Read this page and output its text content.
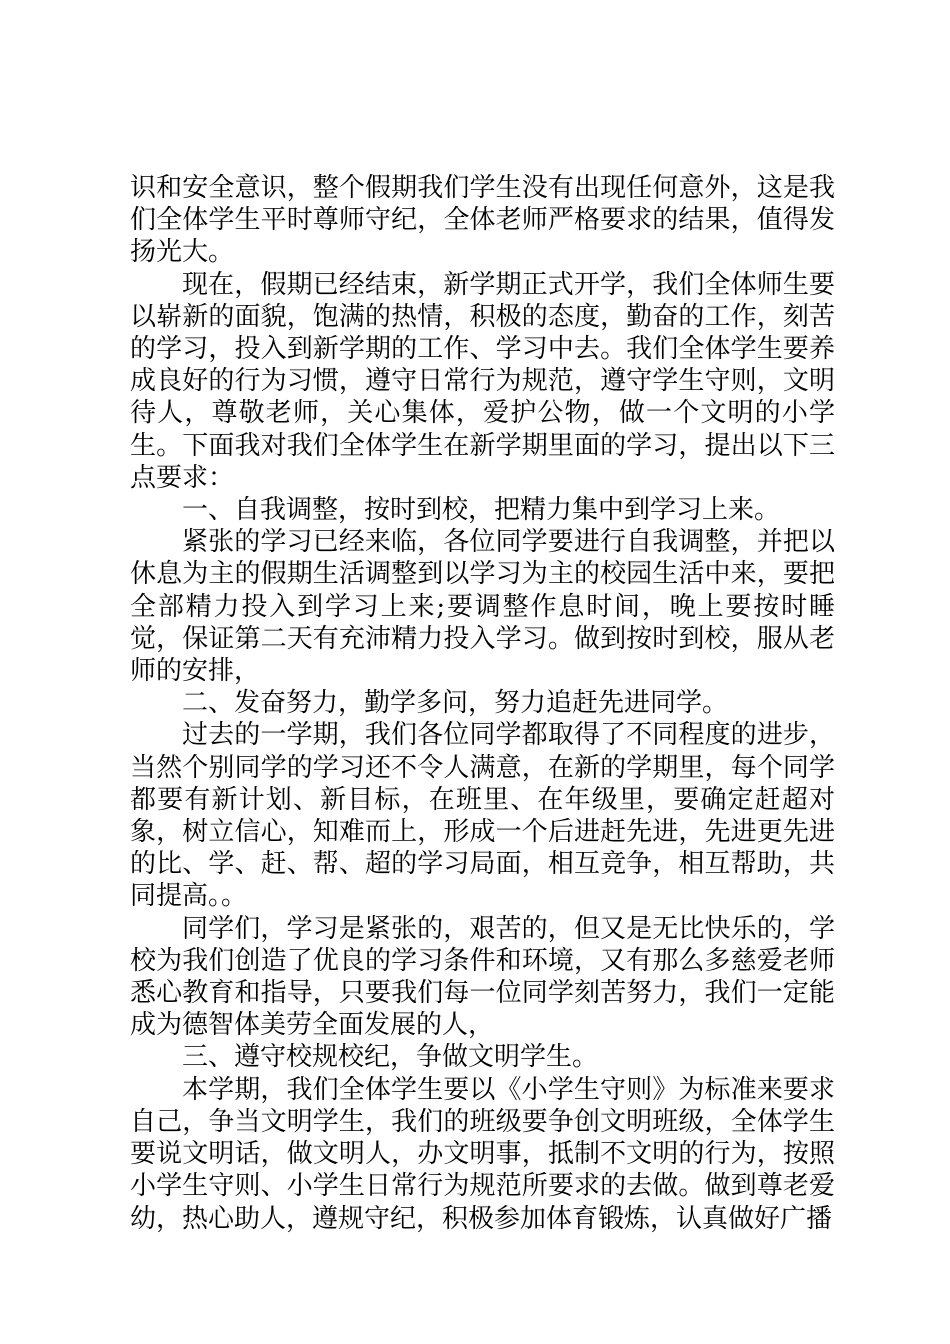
识和安全意识，整个假期我们学生没有出现任何意外，这是我们全体学生平时尊师守纪，全体老师严格要求的结果，值得发扬光大。

现在，假期已经结束，新学期正式开学，我们全体师生要以崭新的面貌，饱满的热情，积极的态度，勤奋的工作，刻苦的学习，投入到新学期的工作、学习中去。我们全体学生要养成良好的行为习惯，遵守日常行为规范，遵守学生守则，文明待人，尊敬老师，关心集体，爱护公物，做一个文明的小学生。下面我对我们全体学生在新学期里面的学习，提出以下三点要求：

一、自我调整，按时到校，把精力集中到学习上来。

紧张的学习已经来临，各位同学要进行自我调整，并把以休息为主的假期生活调整到以学习为主的校园生活中来，要把全部精力投入到学习上来;要调整作息时间，晚上要按时睡觉，保证第二天有充沛精力投入学习。做到按时到校，服从老师的安排，

二、发奋努力，勤学多问，努力追赶先进同学。

过去的一学期，我们各位同学都取得了不同程度的进步，当然个别同学的学习还不令人满意，在新的学期里，每个同学都要有新计划、新目标，在班里、在年级里，要确定赶超对象，树立信心，知难而上，形成一个后进赶先进，先进更先进的比、学、赶、帮、超的学习局面，相互竞争，相互帮助，共同提高。。

同学们，学习是紧张的，艰苦的，但又是无比快乐的，学校为我们创造了优良的学习条件和环境，又有那么多慈爱老师悉心教育和指导，只要我们每一位同学刻苦努力，我们一定能成为德智体美劳全面发展的人，

三、遵守校规校纪，争做文明学生。

本学期，我们全体学生要以《小学生守则》为标准来要求自己，争当文明学生，我们的班级要争创文明班级，全体学生要说文明话，做文明人，办文明事，抵制不文明的行为，按照小学生守则、小学生日常行为规范所要求的去做。做到尊老爱幼，热心助人，遵规守纪，积极参加体育锻炼，认真做好广播
